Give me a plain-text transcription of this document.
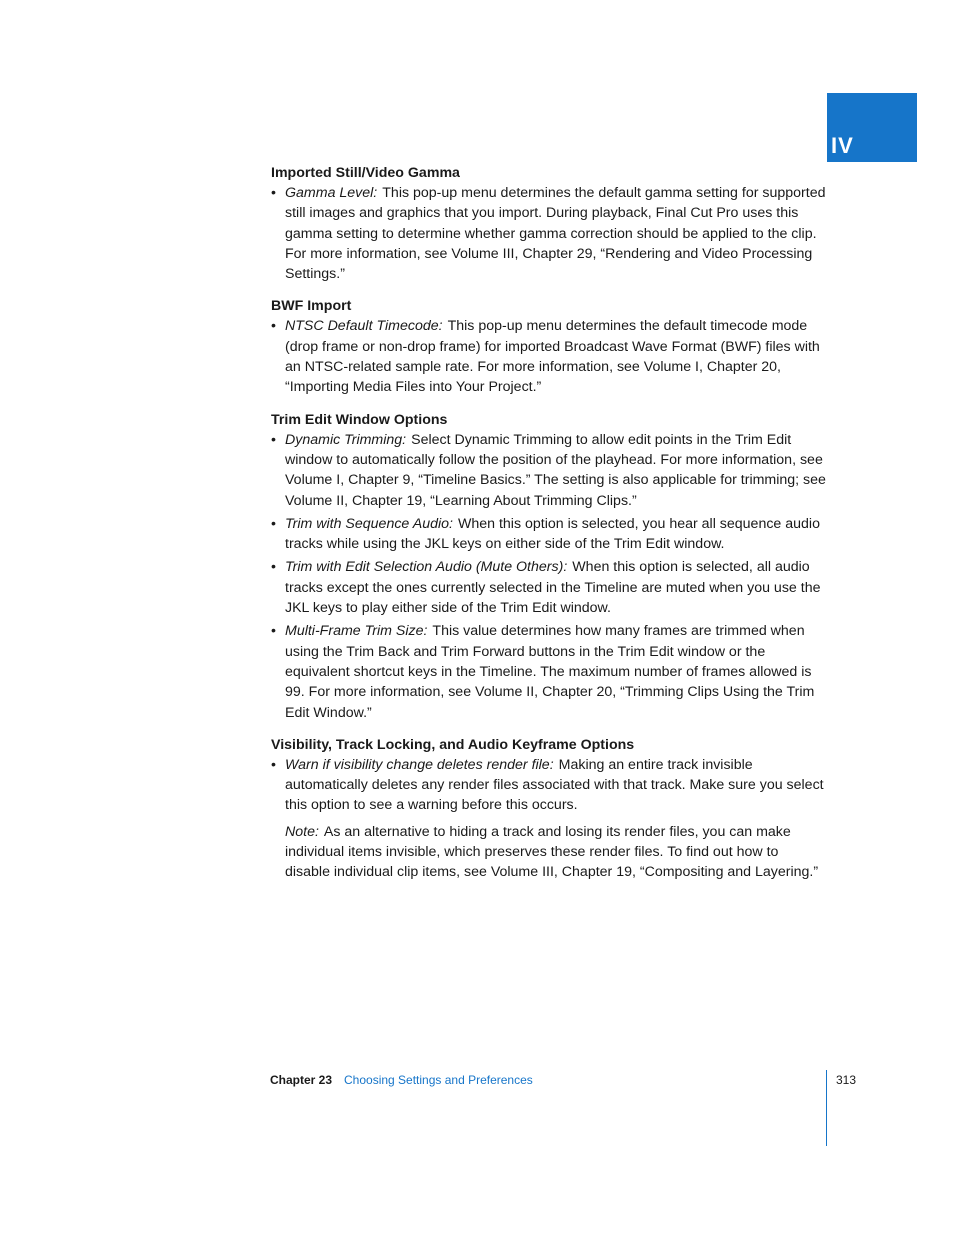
IV
Imported Still/Video Gamma
• Gamma Level: This pop-up menu determines the default gamma setting for supported still images and graphics that you import. During playback, Final Cut Pro uses this gamma setting to determine whether gamma correction should be applied to the clip. For more information, see Volume III, Chapter 29, “Rendering and Video Processing Settings.”
BWF Import
• NTSC Default Timecode: This pop-up menu determines the default timecode mode (drop frame or non-drop frame) for imported Broadcast Wave Format (BWF) files with an NTSC-related sample rate. For more information, see Volume I, Chapter 20, “Importing Media Files into Your Project.”
Trim Edit Window Options
• Dynamic Trimming: Select Dynamic Trimming to allow edit points in the Trim Edit window to automatically follow the position of the playhead. For more information, see Volume I, Chapter 9, “Timeline Basics.” The setting is also applicable for trimming; see Volume II, Chapter 19, “Learning About Trimming Clips.”
• Trim with Sequence Audio: When this option is selected, you hear all sequence audio tracks while using the JKL keys on either side of the Trim Edit window.
• Trim with Edit Selection Audio (Mute Others): When this option is selected, all audio tracks except the ones currently selected in the Timeline are muted when you use the JKL keys to play either side of the Trim Edit window.
• Multi-Frame Trim Size: This value determines how many frames are trimmed when using the Trim Back and Trim Forward buttons in the Trim Edit window or the equivalent shortcut keys in the Timeline. The maximum number of frames allowed is 99. For more information, see Volume II, Chapter 20, “Trimming Clips Using the Trim Edit Window.”
Visibility, Track Locking, and Audio Keyframe Options
• Warn if visibility change deletes render file: Making an entire track invisible automatically deletes any render files associated with that track. Make sure you select this option to see a warning before this occurs.

Note: As an alternative to hiding a track and losing its render files, you can make individual items invisible, which preserves these render files. To find out how to disable individual clip items, see Volume III, Chapter 19, “Compositing and Layering.”

Chapter 23 Choosing Settings and Preferences	313
